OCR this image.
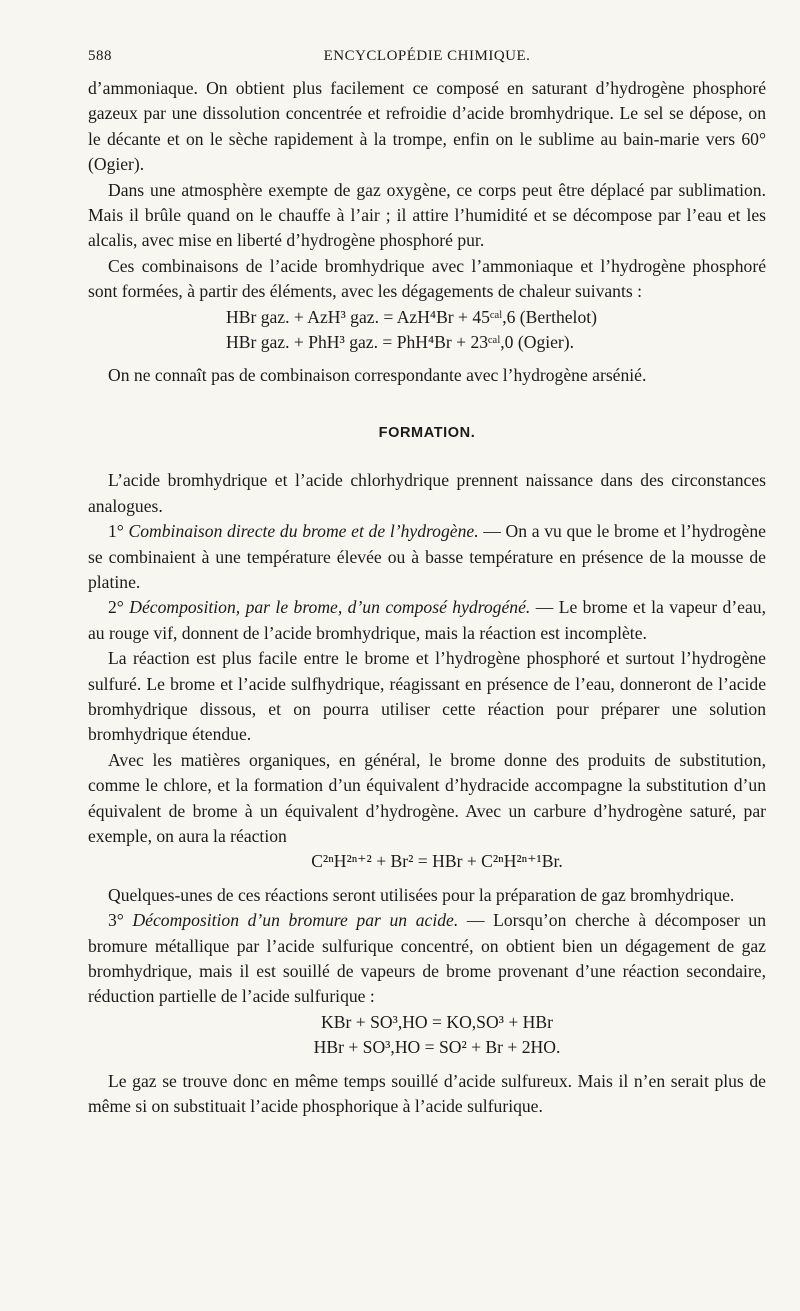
588	ENCYCLOPÉDIE CHIMIQUE.

d’ammoniaque. On obtient plus facilement ce composé en saturant d’hydrogène phosphoré gazeux par une dissolution concentrée et refroidie d’acide bromhydrique. Le sel se dépose, on le décante et on le sèche rapidement à la trompe, enfin on le sublime au bain-marie vers 60° (Ogier).

Dans une atmosphère exempte de gaz oxygène, ce corps peut être déplacé par sublimation. Mais il brûle quand on le chauffe à l’air ; il attire l’humidité et se décompose par l’eau et les alcalis, avec mise en liberté d’hydrogène phosphoré pur.

Ces combinaisons de l’acide bromhydrique avec l’ammoniaque et l’hydrogène phosphoré sont formées, à partir des éléments, avec les dégagements de chaleur suivants :

HBr gaz. + AzH³ gaz. = AzH⁴Br + 45ᶜᵃˡ,6 (Berthelot)

HBr gaz. + PhH³ gaz. = PhH⁴Br + 23ᶜᵃˡ,0 (Ogier).

On ne connaît pas de combinaison correspondante avec l’hydrogène arsénié.

FORMATION.

L’acide bromhydrique et l’acide chlorhydrique prennent naissance dans des circonstances analogues.

1° Combinaison directe du brome et de l’hydrogène. — On a vu que le brome et l’hydrogène se combinaient à une température élevée ou à basse température en présence de la mousse de platine.

2° Décomposition, par le brome, d’un composé hydrogéné. — Le brome et la vapeur d’eau, au rouge vif, donnent de l’acide bromhydrique, mais la réaction est incomplète.

La réaction est plus facile entre le brome et l’hydrogène phosphoré et surtout l’hydrogène sulfuré. Le brome et l’acide sulfhydrique, réagissant en présence de l’eau, donneront de l’acide bromhydrique dissous, et on pourra utiliser cette réaction pour préparer une solution bromhydrique étendue.

Avec les matières organiques, en général, le brome donne des produits de substitution, comme le chlore, et la formation d’un équivalent d’hydracide accompagne la substitution d’un équivalent de brome à un équivalent d’hydrogène. Avec un carbure d’hydrogène saturé, par exemple, on aura la réaction

C²ⁿH²ⁿ⁺² + Br² = HBr + C²ⁿH²ⁿ⁺¹Br.

Quelques-unes de ces réactions seront utilisées pour la préparation de gaz bromhydrique.

3° Décomposition d’un bromure par un acide. — Lorsqu’on cherche à décomposer un bromure métallique par l’acide sulfurique concentré, on obtient bien un dégagement de gaz bromhydrique, mais il est souillé de vapeurs de brome provenant d’une réaction secondaire, réduction partielle de l’acide sulfurique :

KBr + SO³,HO = KO,SO³ + HBr

HBr + SO³,HO = SO² + Br + 2HO.

Le gaz se trouve donc en même temps souillé d’acide sulfureux. Mais il n’en serait plus de même si on substituait l’acide phosphorique à l’acide sulfurique.
